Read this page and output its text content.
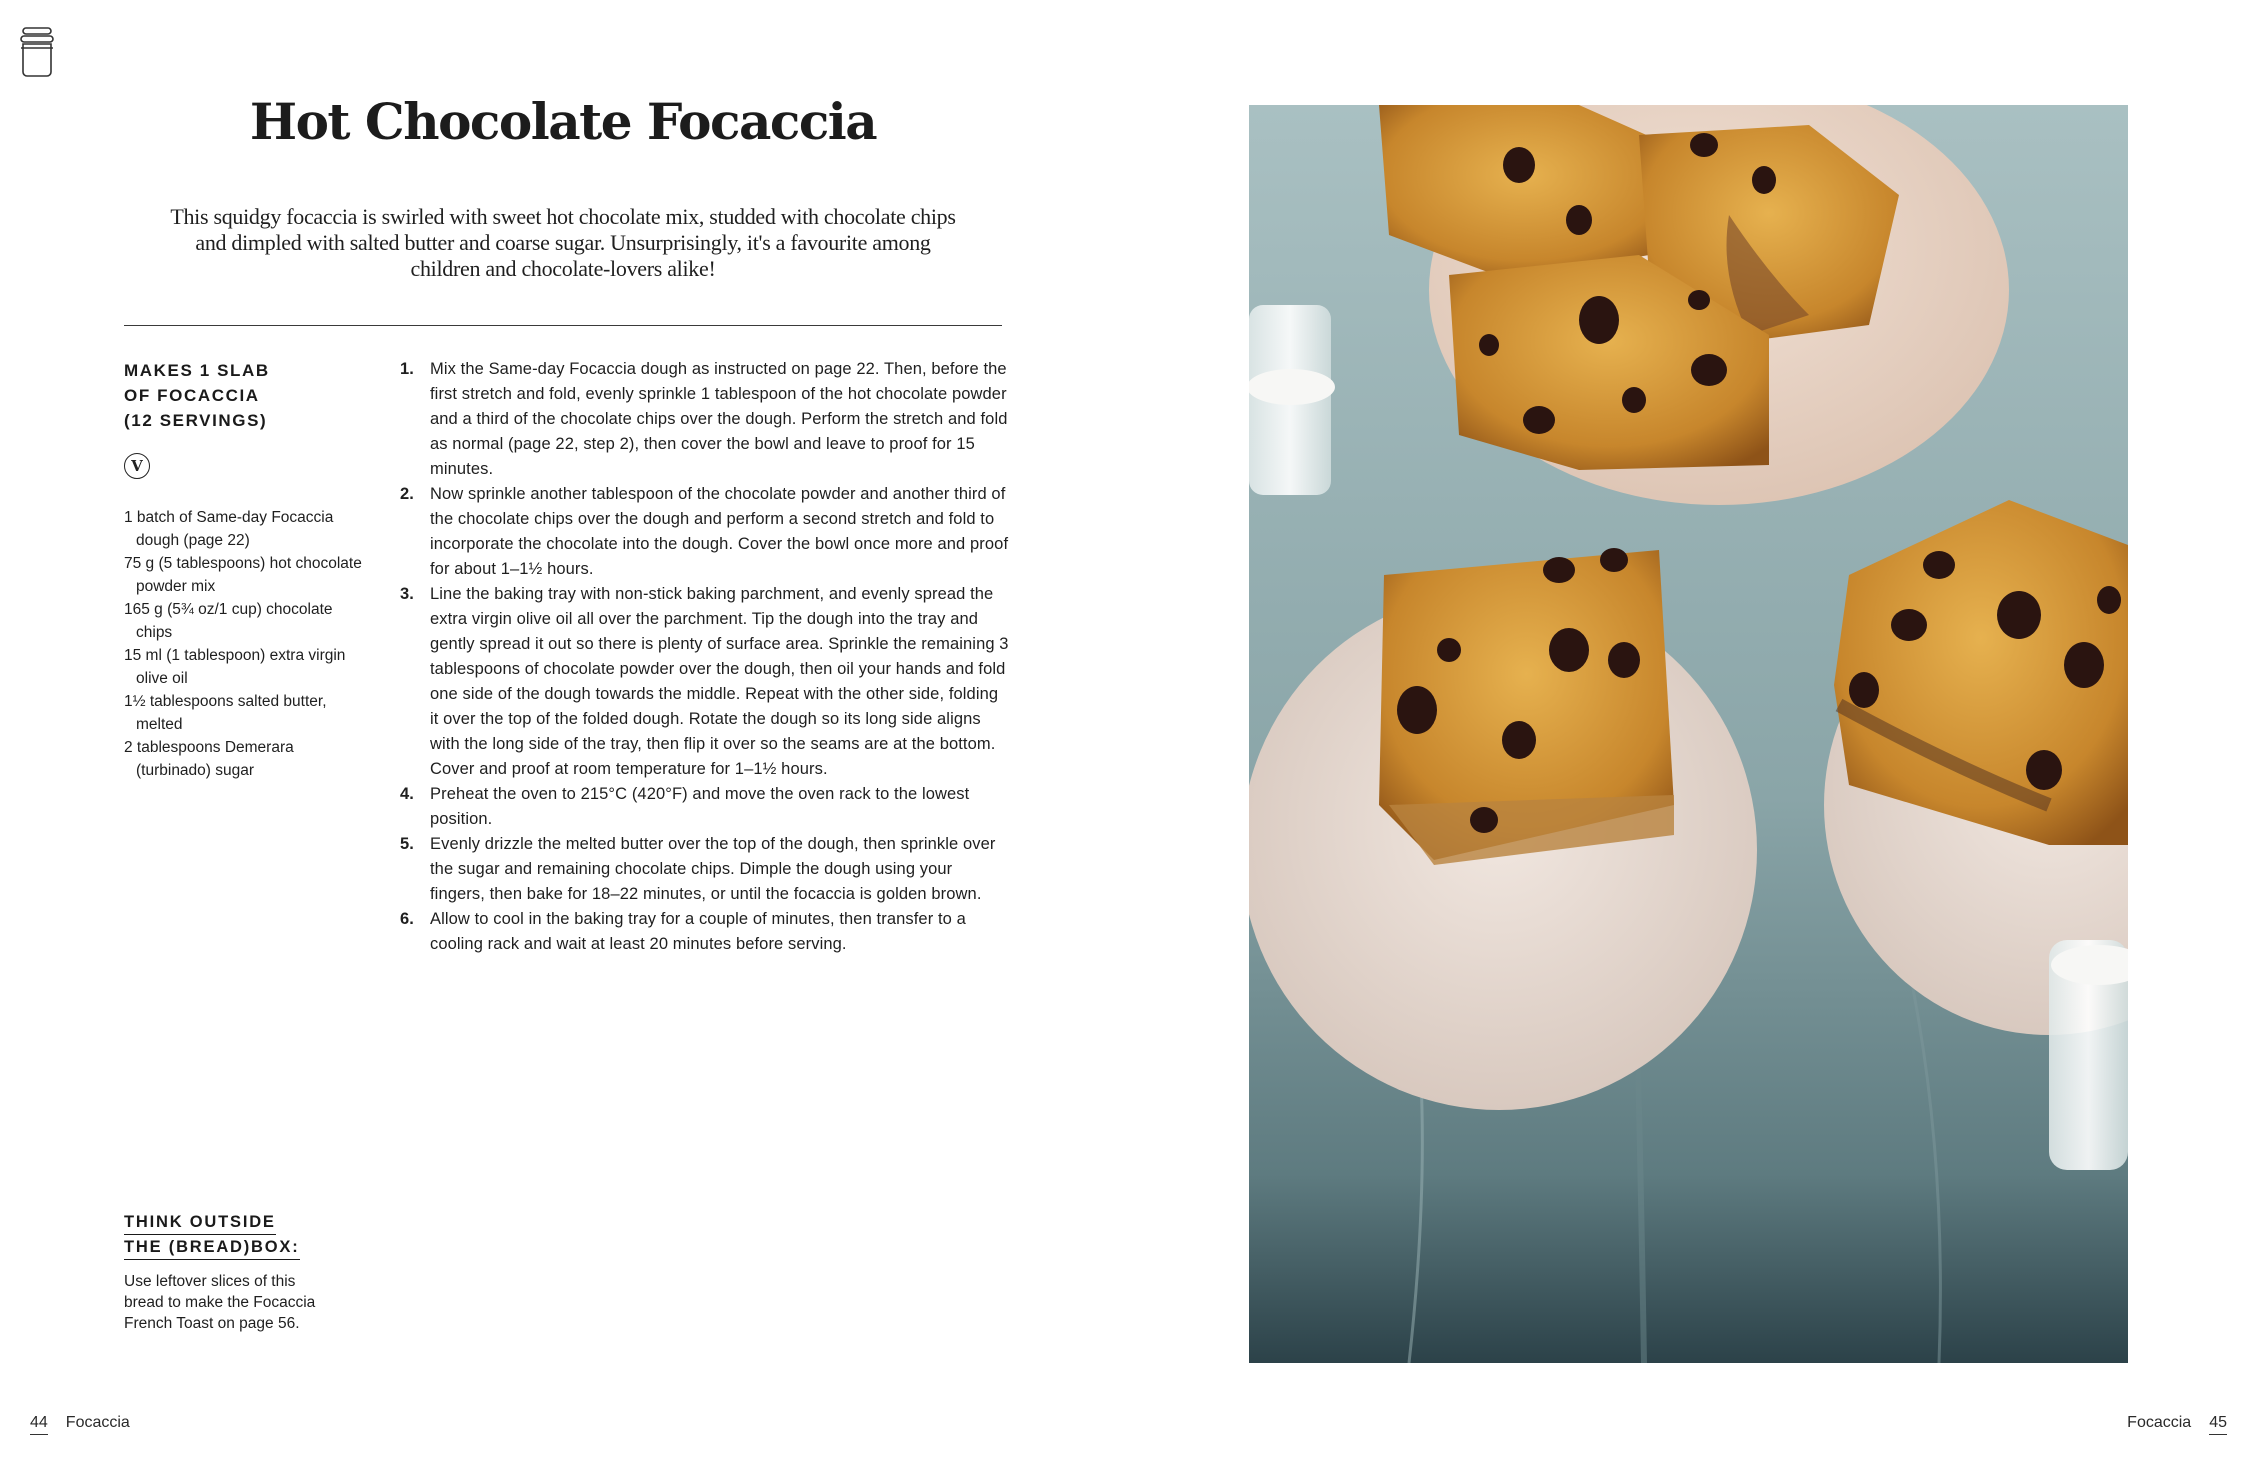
Hot Chocolate Focaccia

This squidgy focaccia is swirled with sweet hot chocolate mix, studded with chocolate chips and dimpled with salted butter and coarse sugar. Unsurprisingly, it's a favourite among children and chocolate-lovers alike!

MAKES 1 SLAB
OF FOCACCIA
(12 SERVINGS)

V
1 batch of Same-day Focaccia dough (page 22)
75 g (5 tablespoons) hot chocolate powder mix
165 g (5¾ oz/1 cup) chocolate chips
15 ml (1 tablespoon) extra virgin olive oil
1½ tablespoons salted butter, melted
2 tablespoons Demerara (turbinado) sugar
1. Mix the Same-day Focaccia dough as instructed on page 22. Then, before the first stretch and fold, evenly sprinkle 1 tablespoon of the hot chocolate powder and a third of the chocolate chips over the dough. Perform the stretch and fold as normal (page 22, step 2), then cover the bowl and leave to proof for 15 minutes.
2. Now sprinkle another tablespoon of the chocolate powder and another third of the chocolate chips over the dough and perform a second stretch and fold to incorporate the chocolate into the dough. Cover the bowl once more and proof for about 1–1½ hours.
3. Line the baking tray with non-stick baking parchment, and evenly spread the extra virgin olive oil all over the parchment. Tip the dough into the tray and gently spread it out so there is plenty of surface area. Sprinkle the remaining 3 tablespoons of chocolate powder over the dough, then oil your hands and fold one side of the dough towards the middle. Repeat with the other side, folding it over the top of the folded dough. Rotate the dough so its long side aligns with the long side of the tray, then flip it over so the seams are at the bottom. Cover and proof at room temperature for 1–1½ hours.
4. Preheat the oven to 215°C (420°F) and move the oven rack to the lowest position.
5. Evenly drizzle the melted butter over the top of the dough, then sprinkle over the sugar and remaining chocolate chips. Dimple the dough using your fingers, then bake for 18–22 minutes, or until the focaccia is golden brown.
6. Allow to cool in the baking tray for a couple of minutes, then transfer to a cooling rack and wait at least 20 minutes before serving.

THINK OUTSIDE
THE (BREAD)BOX:

Use leftover slices of this bread to make the Focaccia French Toast on page 56.

44 Focaccia	Focaccia 45
